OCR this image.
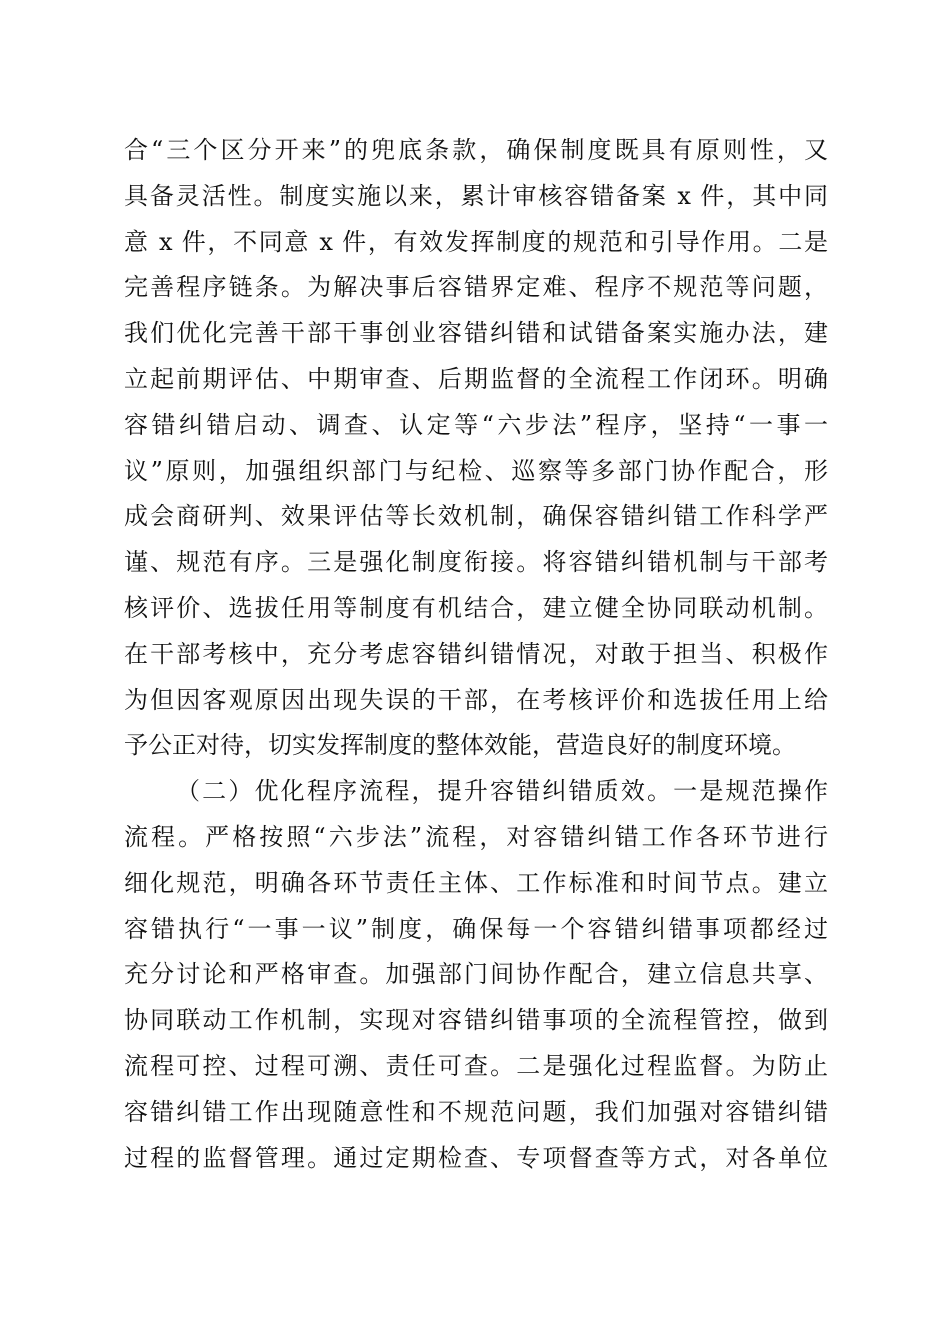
合“三个区分开来”的兜底条款，确保制度既具有原则性，又
具备灵活性。制度实施以来，累计审核容错备案 x 件，其中同
意 x 件，不同意 x 件，有效发挥制度的规范和引导作用。二是
完善程序链条。为解决事后容错界定难、程序不规范等问题，
我们优化完善干部干事创业容错纠错和试错备案实施办法，建
立起前期评估、中期审查、后期监督的全流程工作闭环。明确
容错纠错启动、调查、认定等“六步法”程序，坚持“一事一
议”原则，加强组织部门与纪检、巡察等多部门协作配合，形
成会商研判、效果评估等长效机制，确保容错纠错工作科学严
谨、规范有序。三是强化制度衔接。将容错纠错机制与干部考
核评价、选拔任用等制度有机结合，建立健全协同联动机制。
在干部考核中，充分考虑容错纠错情况，对敢于担当、积极作
为但因客观原因出现失误的干部，在考核评价和选拔任用上给
予公正对待，切实发挥制度的整体效能，营造良好的制度环境。
（二）优化程序流程，提升容错纠错质效。一是规范操作
流程。严格按照“六步法”流程，对容错纠错工作各环节进行
细化规范，明确各环节责任主体、工作标准和时间节点。建立
容错执行“一事一议”制度，确保每一个容错纠错事项都经过
充分讨论和严格审查。加强部门间协作配合，建立信息共享、
协同联动工作机制，实现对容错纠错事项的全流程管控，做到
流程可控、过程可溯、责任可查。二是强化过程监督。为防止
容错纠错工作出现随意性和不规范问题，我们加强对容错纠错
过程的监督管理。通过定期检查、专项督查等方式，对各单位
